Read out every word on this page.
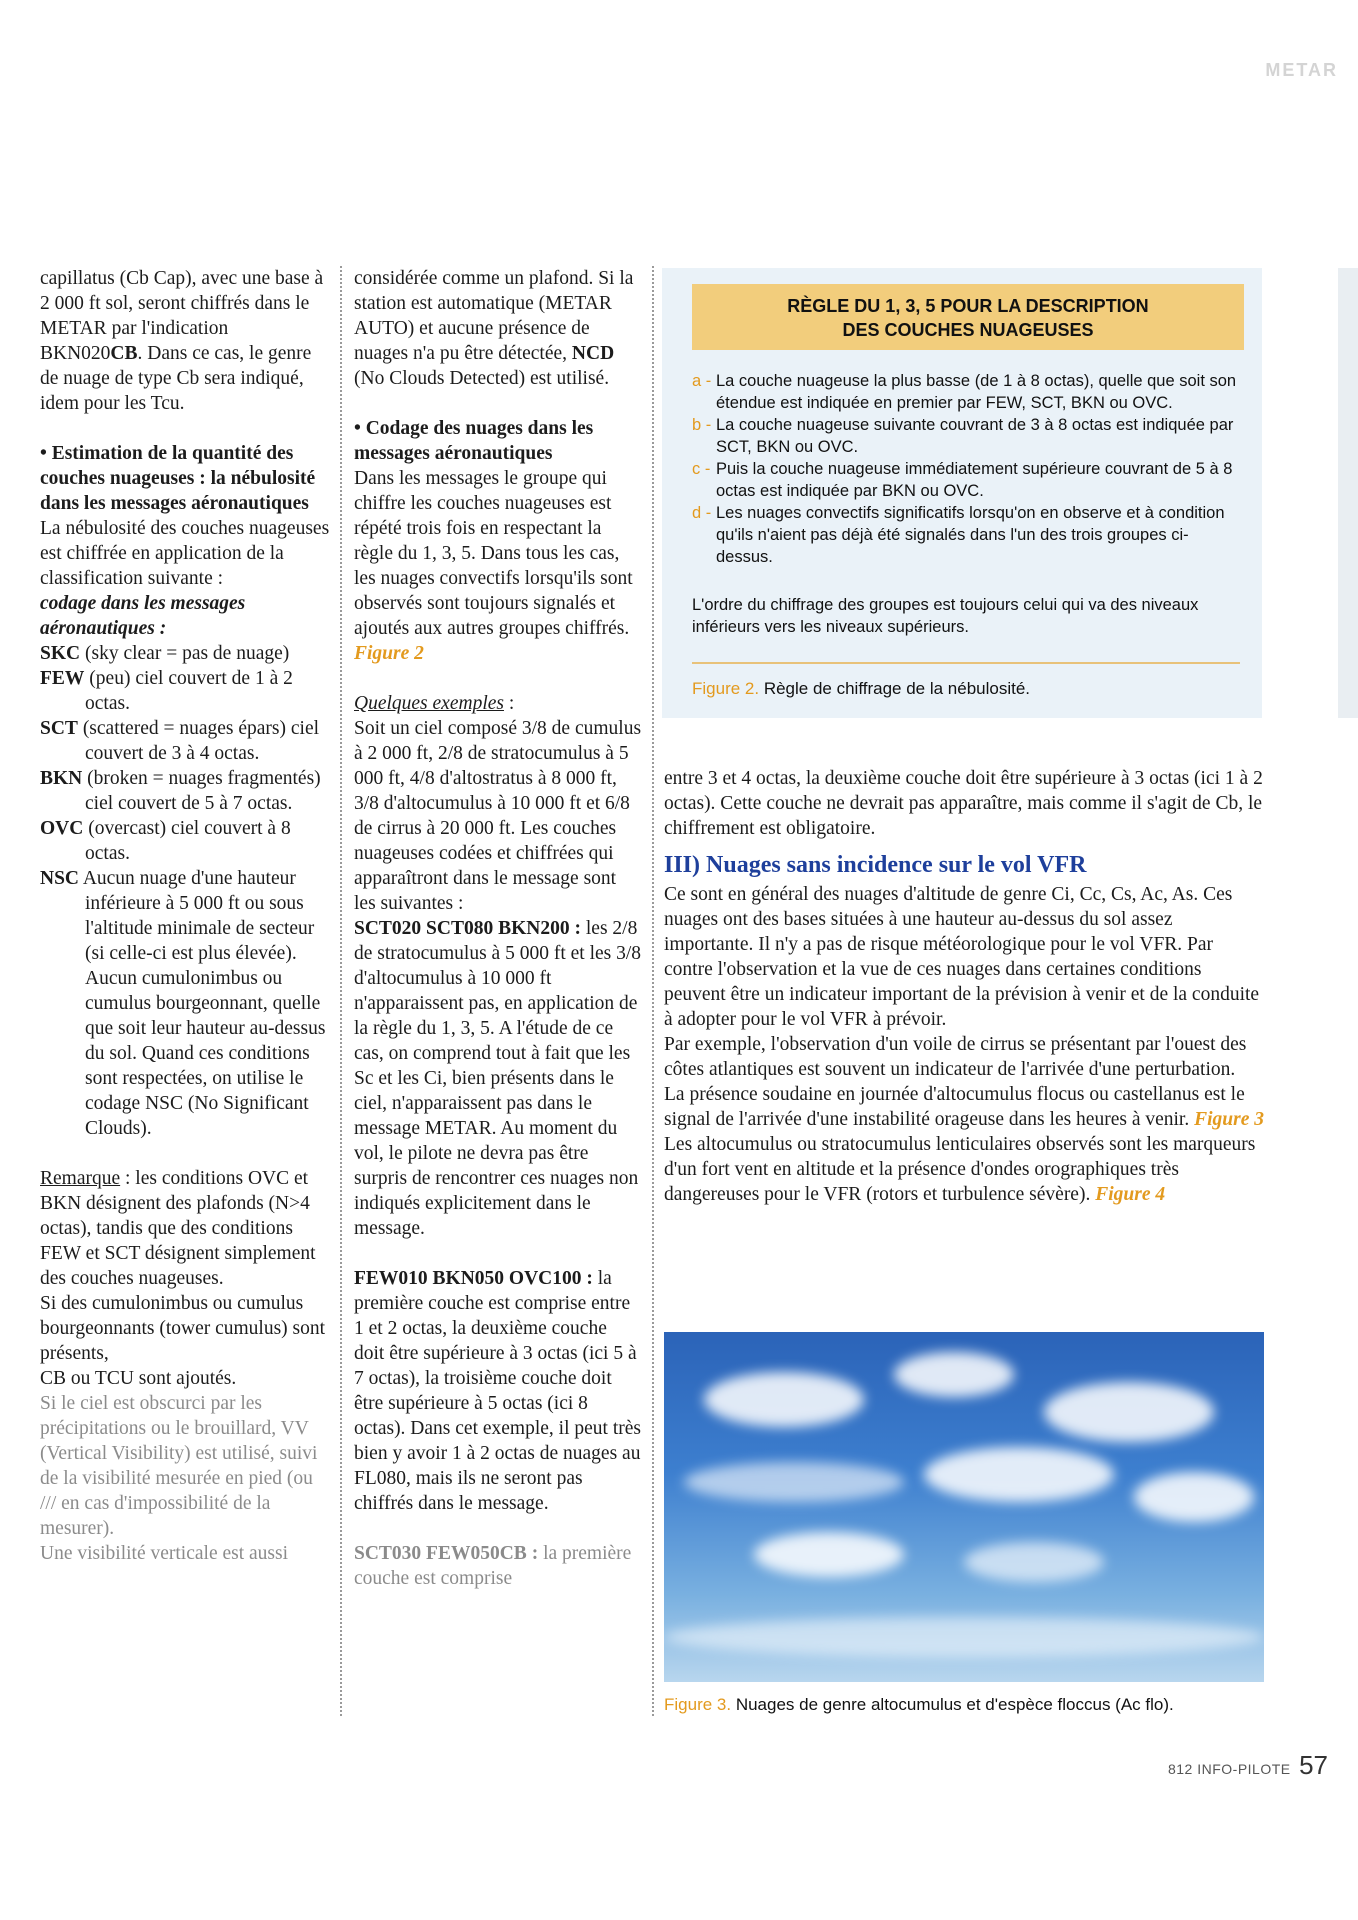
METAR

capillatus (Cb Cap), avec une base à 2 000 ft sol, seront chiffrés dans le METAR par l'indication BKN020CB. Dans ce cas, le genre de nuage de type Cb sera indiqué, idem pour les Tcu.

• Estimation de la quantité des couches nuageuses : la nébulosité dans les messages aéronautiques

La nébulosité des couches nuageuses est chiffrée en application de la classification suivante :

codage dans les messages aéronautiques :

SKC (sky clear = pas de nuage)

FEW (peu) ciel couvert de 1 à 2 octas.

SCT (scattered = nuages épars) ciel couvert de 3 à 4 octas.

BKN (broken = nuages fragmentés) ciel couvert de 5 à 7 octas.

OVC (overcast) ciel couvert à 8 octas.

NSC Aucun nuage d'une hauteur inférieure à 5 000 ft ou sous l'altitude minimale de secteur (si celle-ci est plus élevée). Aucun cumulonimbus ou cumulus bourgeonnant, quelle que soit leur hauteur au-dessus du sol. Quand ces conditions sont respectées, on utilise le codage NSC (No Significant Clouds).

Remarque : les conditions OVC et BKN désignent des plafonds (N>4 octas), tandis que des conditions FEW et SCT désignent simplement des couches nuageuses.

Si des cumulonimbus ou cumulus bourgeonnants (tower cumulus) sont présents,

CB ou TCU sont ajoutés.

Si le ciel est obscurci par les précipitations ou le brouillard, VV (Vertical Visibility) est utilisé, suivi de la visibilité mesurée en pied (ou /// en cas d'impossibilité de la mesurer).

Une visibilité verticale est aussi

considérée comme un plafond. Si la station est automatique (METAR AUTO) et aucune présence de nuages n'a pu être détectée, NCD (No Clouds Detected) est utilisé.

• Codage des nuages dans les messages aéronautiques

Dans les messages le groupe qui chiffre les couches nuageuses est répété trois fois en respectant la règle du 1, 3, 5. Dans tous les cas, les nuages convectifs lorsqu'ils sont observés sont toujours signalés et ajoutés aux autres groupes chiffrés. Figure 2

Quelques exemples :

Soit un ciel composé 3/8 de cumulus à 2 000 ft, 2/8 de stratocumulus à 5 000 ft, 4/8 d'altostratus à 8 000 ft, 3/8 d'altocumulus à 10 000 ft et 6/8 de cirrus à 20 000 ft. Les couches nuageuses codées et chiffrées qui apparaîtront dans le message sont les suivantes :

SCT020 SCT080 BKN200 : les 2/8 de stratocumulus à 5 000 ft et les 3/8 d'altocumulus à 10 000 ft n'apparaissent pas, en application de la règle du 1, 3, 5. A l'étude de ce cas, on comprend tout à fait que les Sc et les Ci, bien présents dans le ciel, n'apparaissent pas dans le message METAR. Au moment du vol, le pilote ne devra pas être surpris de rencontrer ces nuages non indiqués explicitement dans le message.

FEW010 BKN050 OVC100 : la première couche est comprise entre 1 et 2 octas, la deuxième couche doit être supérieure à 3 octas (ici 5 à 7 octas), la troisième couche doit être supérieure à 5 octas (ici 8 octas). Dans cet exemple, il peut très bien y avoir 1 à 2 octas de nuages au FL080, mais ils ne seront pas chiffrés dans le message.

SCT030 FEW050CB : la première couche est comprise

RÈGLE DU 1, 3, 5 POUR LA DESCRIPTION
DES COUCHES NUAGEUSES
a - La couche nuageuse la plus basse (de 1 à 8 octas), quelle que soit son étendue est indiquée en premier par FEW, SCT, BKN ou OVC.
b - La couche nuageuse suivante couvrant de 3 à 8 octas est indiquée par SCT, BKN ou OVC.
c - Puis la couche nuageuse immédiatement supérieure couvrant de 5 à 8 octas est indiquée par BKN ou OVC.
d - Les nuages convectifs significatifs lorsqu'on en observe et à condition qu'ils n'aient pas déjà été signalés dans l'un des trois groupes ci-dessus.
L'ordre du chiffrage des groupes est toujours celui qui va des niveaux inférieurs vers les niveaux supérieurs.
Figure 2. Règle de chiffrage de la nébulosité.

entre 3 et 4 octas, la deuxième couche doit être supérieure à 3 octas (ici 1 à 2 octas). Cette couche ne devrait pas apparaître, mais comme il s'agit de Cb, le chiffrement est obligatoire.

III) Nuages sans incidence sur le vol VFR

Ce sont en général des nuages d'altitude de genre Ci, Cc, Cs, Ac, As. Ces nuages ont des bases situées à une hauteur au-dessus du sol assez importante. Il n'y a pas de risque météorologique pour le vol VFR. Par contre l'observation et la vue de ces nuages dans certaines conditions peuvent être un indicateur important de la prévision à venir et de la conduite à adopter pour le vol VFR à prévoir.

Par exemple, l'observation d'un voile de cirrus se présentant par l'ouest des côtes atlantiques est souvent un indicateur de l'arrivée d'une perturbation.

La présence soudaine en journée d'altocumulus flocus ou castellanus est le signal de l'arrivée d'une instabilité orageuse dans les heures à venir. Figure 3

Les altocumulus ou stratocumulus lenticulaires observés sont les marqueurs d'un fort vent en altitude et la présence d'ondes orographiques très dangereuses pour le VFR (rotors et turbulence sévère). Figure 4

Figure 3. Nuages de genre altocumulus et d'espèce floccus (Ac flo).
812 INFO-PILOTE 57
